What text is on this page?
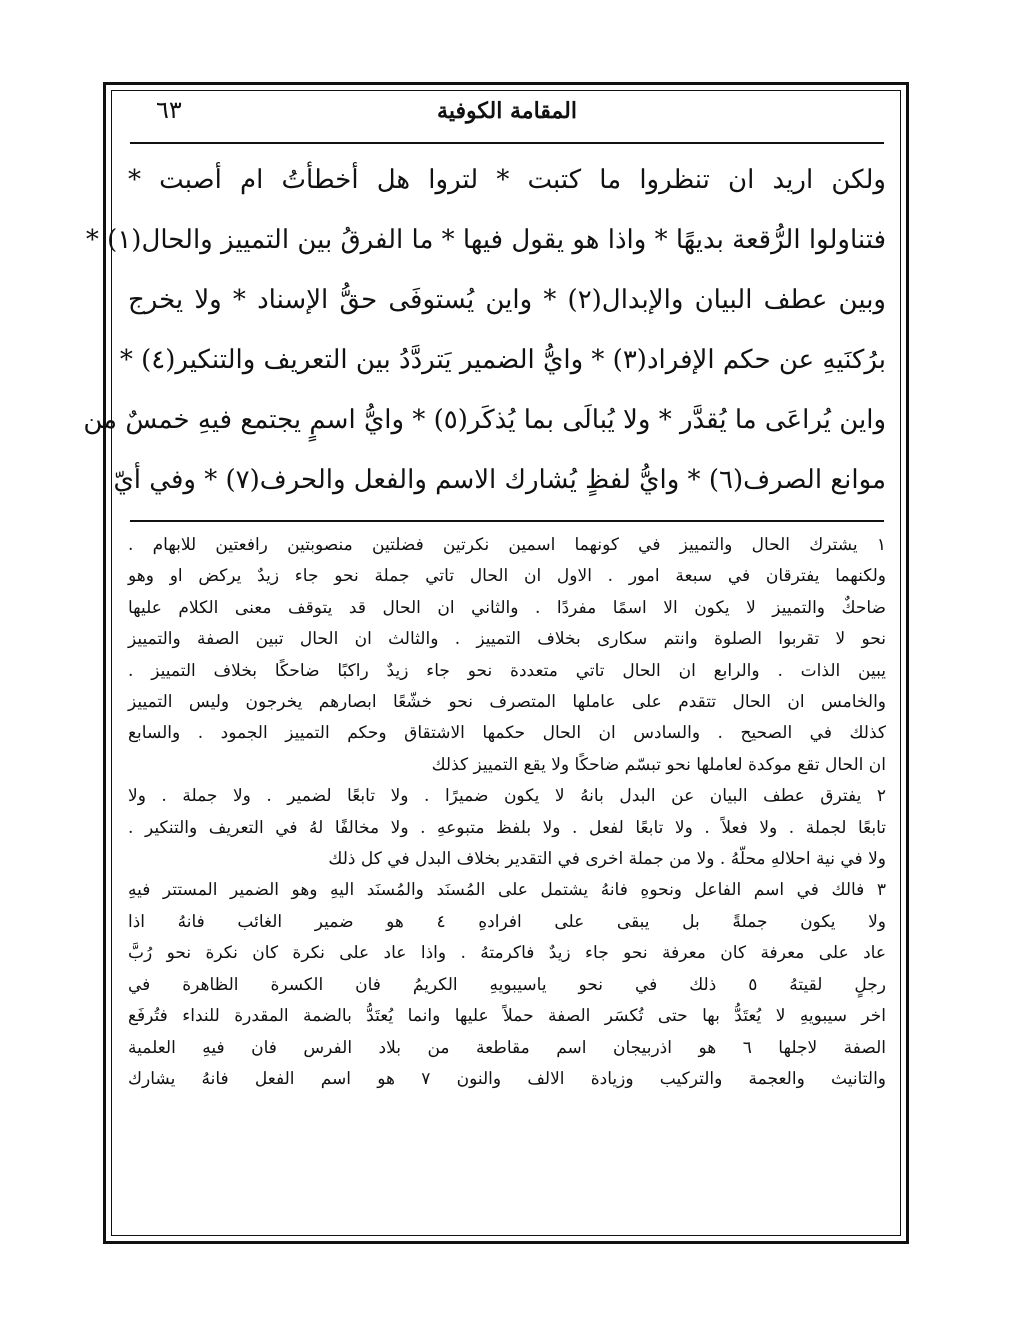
المقامة الكوفية
٦٣
ولكن اريد ان تنظروا ما كتبت * لتروا هل أخطأتُ ام أصبت *
فتناولوا الرُّقعة بديهًا * واذا هو يقول فيها * ما الفرقُ بين التمييز والحال(١) *
وبين عطف البيان والإبدال(٢) * واين يُستوفَى حقُّ الإسناد * ولا يخرج
برُكنَيهِ عن حكم الإفراد(٣) * وايُّ الضمير يَتردَّدُ بين التعريف والتنكير(٤) *
واين يُراعَى ما يُقدَّر * ولا يُبالَى بما يُذكَر(٥) * وايُّ اسمٍ يجتمع فيهِ خمسٌ من
موانع الصرف(٦) * وايُّ لفظٍ يُشارك الاسم والفعل والحرف(٧) * وفي أيّ
١ يشترك الحال والتمييز في كونهما اسمين نكرتين فضلتين منصوبتين رافعتين للابهام .
ولكنهما يفترقان في سبعة امور . الاول ان الحال تاتي جملة نحو جاء زيدٌ يركض او وهو
ضاحكٌ والتمييز لا يكون الا اسمًا مفردًا . والثاني ان الحال قد يتوقف معنى الكلام عليها
نحو لا تقربوا الصلوة وانتم سكارى بخلاف التمييز . والثالث ان الحال تبين الصفة والتمييز
يبين الذات . والرابع ان الحال تاتي متعددة نحو جاء زيدٌ راكبًا ضاحكًا بخلاف التمييز .
والخامس ان الحال تتقدم على عاملها المتصرف نحو خشّعًا ابصارهم يخرجون وليس التمييز
كذلك في الصحيح . والسادس ان الحال حكمها الاشتقاق وحكم التمييز الجمود . والسابع
ان الحال تقع موكدة لعاملها نحو تبسّم ضاحكًا ولا يقع التمييز كذلك
٢ يفترق عطف البيان عن البدل بانهُ لا يكون ضميرًا . ولا تابعًا لضمير . ولا جملة . ولا
تابعًا لجملة . ولا فعلاً . ولا تابعًا لفعل . ولا بلفظ متبوعهِ . ولا مخالفًا لهُ في التعريف والتنكير .
ولا في نية احلالهِ محلّهُ . ولا من جملة اخرى في التقدير بخلاف البدل في كل ذلك
٣ فالك في اسم الفاعل ونحوهِ فانهُ يشتمل على المُسنَد والمُسنَد اليهِ وهو الضمير المستتر فيهِ
ولا يكون جملةً بل يبقى على افرادهِ ٤ هو ضمير الغائب فانهُ اذا
عاد على معرفة كان معرفة نحو جاء زيدٌ فاكرمتهُ . واذا عاد على نكرة كان نكرة نحو رُبَّ
رجلٍ لقيتهُ ٥ ذلك في نحو ياسيبويهِ الكريمُ فان الكسرة الظاهرة في
اخر سيبويهِ لا يُعتَدُّ بها حتى تُكسَر الصفة حملاً عليها وانما يُعتَدُّ بالضمة المقدرة للنداء فتُرفَع
الصفة لاجلها ٦ هو اذربيجان اسم مقاطعة من بلاد الفرس فان فيهِ العلمية
والتانيث والعجمة والتركيب وزيادة الالف والنون ٧ هو اسم الفعل فانهُ يشارك
